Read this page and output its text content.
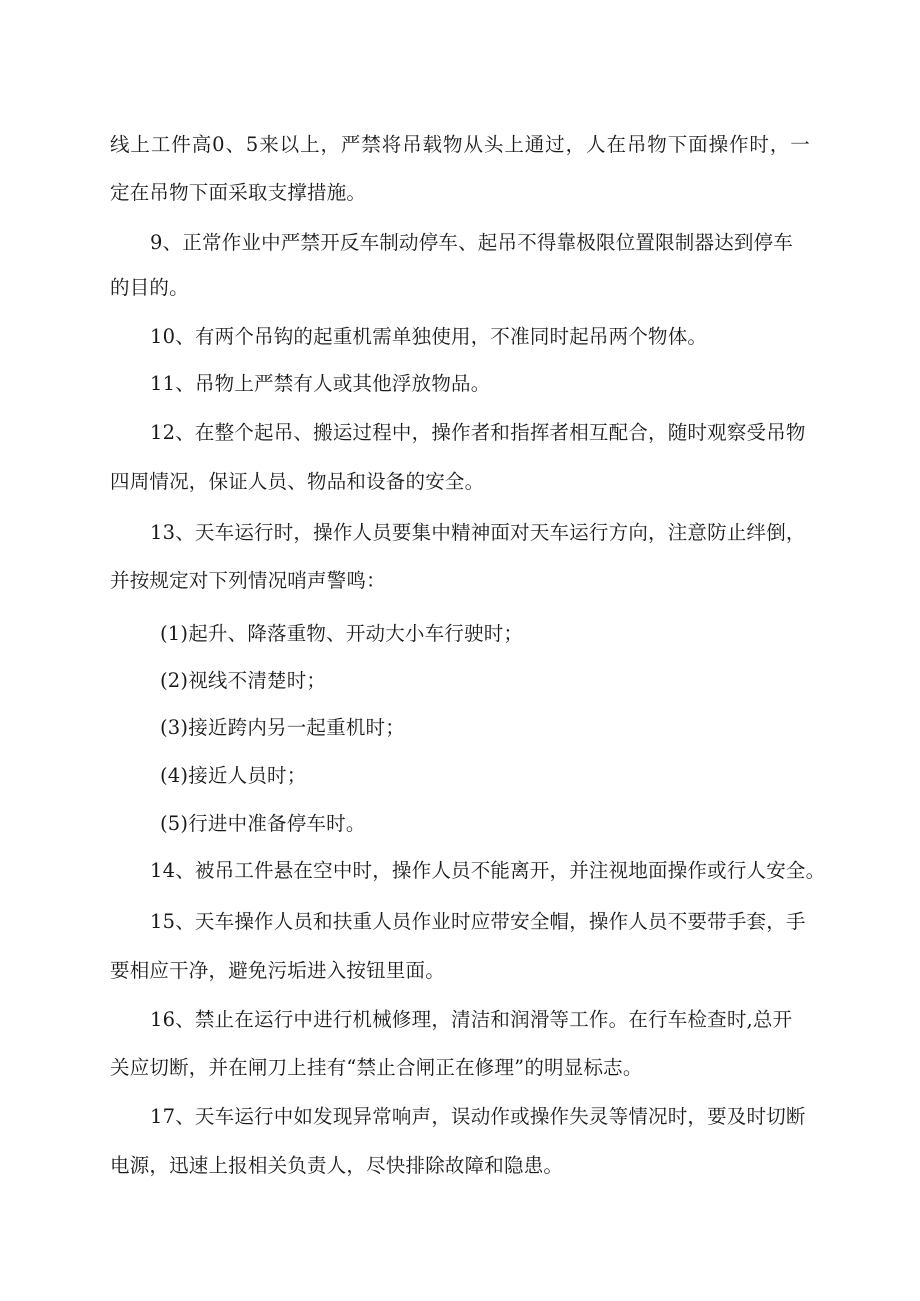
线上工件高0、5来以上，严禁将吊载物从头上通过，人在吊物下面操作时，一

定在吊物下面采取支撑措施。

9、正常作业中严禁开反车制动停车、起吊不得靠极限位置限制器达到停车

的目的。

10、有两个吊钩的起重机需单独使用，不准同时起吊两个物体。

11、吊物上严禁有人或其他浮放物品。

12、在整个起吊、搬运过程中，操作者和指挥者相互配合，随时观察受吊物

四周情况，保证人员、物品和设备的安全。

13、天车运行时，操作人员要集中精神面对天车运行方向，注意防止绊倒，

并按规定对下列情况哨声警鸣：

(1)起升、降落重物、开动大小车行驶时；

(2)视线不清楚时；

(3)接近跨内另一起重机时；

(4)接近人员时；

(5)行进中准备停车时。

14、被吊工件悬在空中时，操作人员不能离开，并注视地面操作或行人安全。

15、天车操作人员和扶重人员作业时应带安全帽，操作人员不要带手套，手

要相应干净，避免污垢进入按钮里面。

16、禁止在运行中进行机械修理，清洁和润滑等工作。在行车检查时,总开

关应切断，并在闸刀上挂有“禁止合闸正在修理”的明显标志。

17、天车运行中如发现异常响声，误动作或操作失灵等情况时，要及时切断

电源，迅速上报相关负责人，尽快排除故障和隐患。
